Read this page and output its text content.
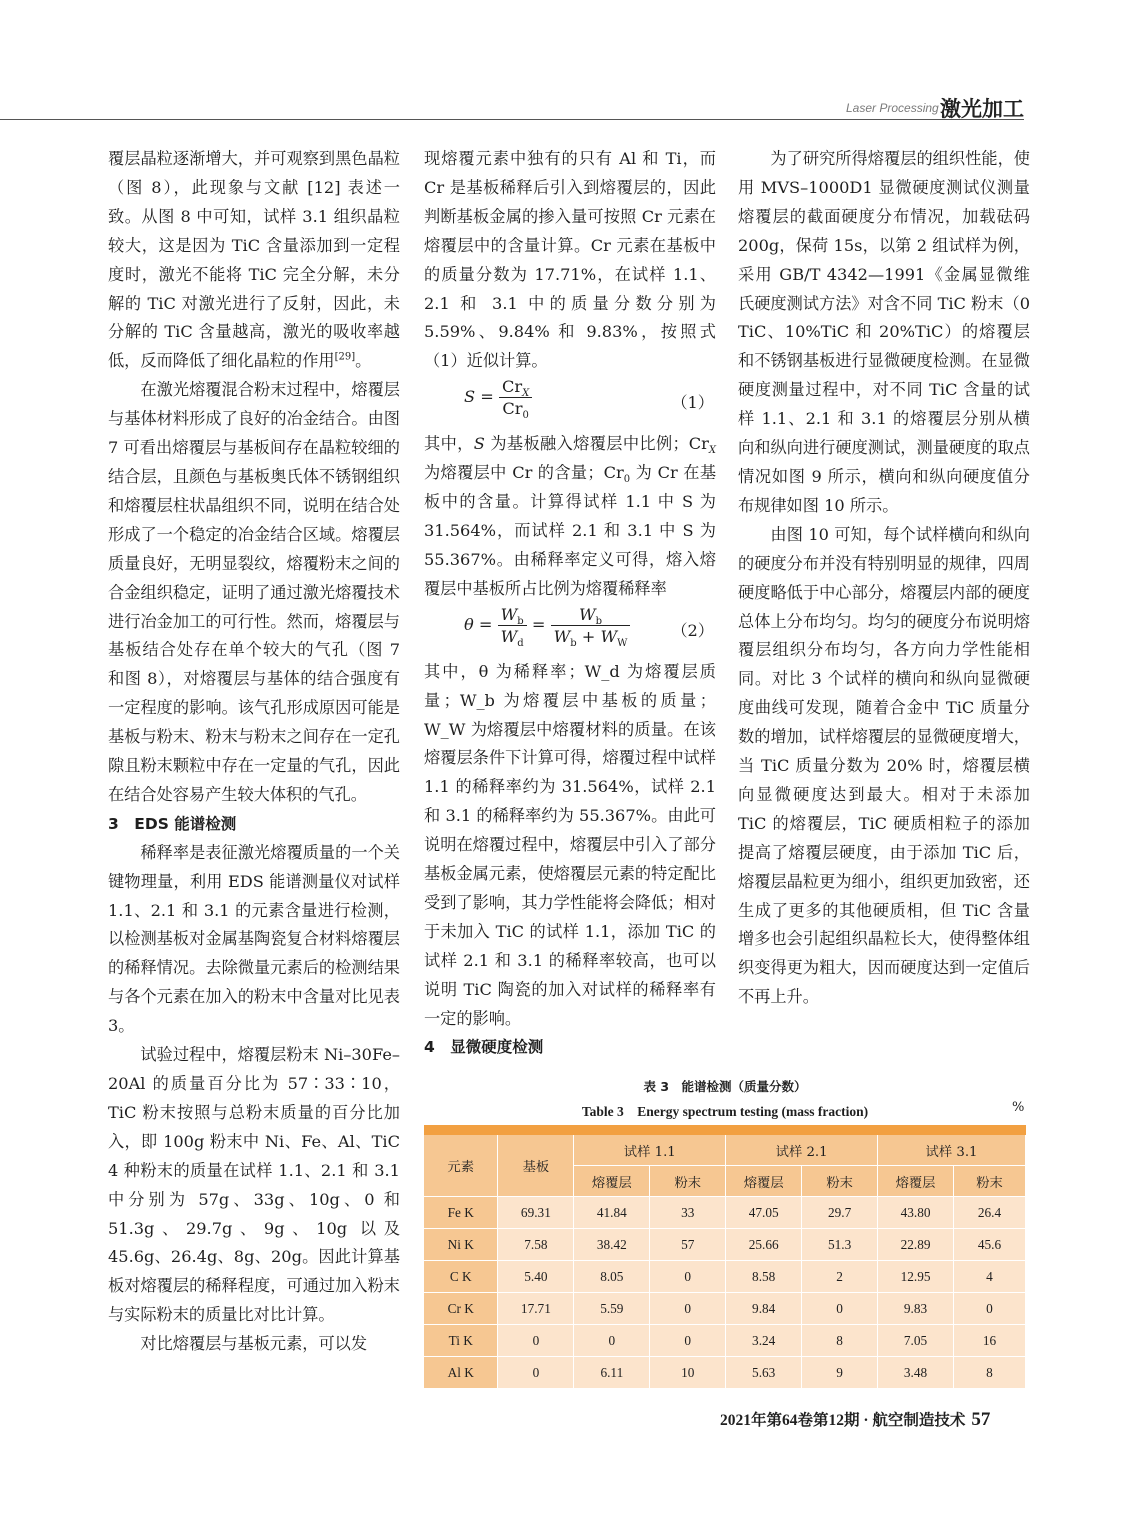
Laser Processing 激光加工

覆层晶粒逐渐增大，并可观察到黑色晶粒（图 8），此现象与文献 [12] 表述一致。从图 8 中可知，试样 3.1 组织晶粒较大，这是因为 TiC 含量添加到一定程度时，激光不能将 TiC 完全分解，未分解的 TiC 对激光进行了反射，因此，未分解的 TiC 含量越高，激光的吸收率越低，反而降低了细化晶粒的作用[29]。

在激光熔覆混合粉末过程中，熔覆层与基体材料形成了良好的冶金结合。由图 7 可看出熔覆层与基板间存在晶粒较细的结合层，且颜色与基板奥氏体不锈钢组织和熔覆层柱状晶组织不同，说明在结合处形成了一个稳定的冶金结合区域。熔覆层质量良好，无明显裂纹，熔覆粉末之间的合金组织稳定，证明了通过激光熔覆技术进行冶金加工的可行性。然而，熔覆层与基板结合处存在单个较大的气孔（图 7 和图 8），对熔覆层与基体的结合强度有一定程度的影响。该气孔形成原因可能是基板与粉末、粉末与粉末之间存在一定孔隙且粉末颗粒中存在一定量的气孔，因此在结合处容易产生较大体积的气孔。

3　EDS 能谱检测

稀释率是表征激光熔覆质量的一个关键物理量，利用 EDS 能谱测量仪对试样 1.1、2.1 和 3.1 的元素含量进行检测，以检测基板对金属基陶瓷复合材料熔覆层的稀释情况。去除微量元素后的检测结果与各个元素在加入的粉末中含量对比见表 3。

试验过程中，熔覆层粉末 Ni–30Fe–20Al 的质量百分比为 57∶33∶10，TiC 粉末按照与总粉末质量的百分比加入，即 100g 粉末中 Ni、Fe、Al、TiC 4 种粉末的质量在试样 1.1、2.1 和 3.1 中分别为 57g、33g、10g、0 和 51.3g、29.7g、9g、10g 以及 45.6g、26.4g、8g、20g。因此计算基板对熔覆层的稀释程度，可通过加入粉末与实际粉末的质量比对比计算。

对比熔覆层与基板元素，可以发

现熔覆元素中独有的只有 Al 和 Ti，而 Cr 是基板稀释后引入到熔覆层的，因此判断基板金属的掺入量可按照 Cr 元素在熔覆层中的含量计算。Cr 元素在基板中的质量分数为 17.71%，在试样 1.1、2.1 和 3.1 中的质量分数分别为 5.59%、9.84% 和 9.83%，按照式（1）近似计算。

$S = \frac{Cr_X}{Cr_0}$	（1）

其中，S 为基板融入熔覆层中比例；$Cr_X$ 为熔覆层中 Cr 的含量；$Cr_0$ 为 Cr 在基板中的含量。计算得试样 1.1 中 S 为 31.564%，而试样 2.1 和 3.1 中 S 为 55.367%。由稀释率定义可得，熔入熔覆层中基板所占比例为熔覆稀释率

$\theta = \frac{W_b}{W_d} = \frac{W_b}{W_b + W_W}$	（2）

其中，θ 为稀释率；W_d 为熔覆层质量；W_b 为熔覆层中基板的质量；W_W 为熔覆层中熔覆材料的质量。在该熔覆层条件下计算可得，熔覆过程中试样 1.1 的稀释率约为 31.564%，试样 2.1 和 3.1 的稀释率约为 55.367%。由此可说明在熔覆过程中，熔覆层中引入了部分基板金属元素，使熔覆层元素的特定配比受到了影响，其力学性能将会降低；相对于未加入 TiC 的试样 1.1，添加 TiC 的试样 2.1 和 3.1 的稀释率较高，也可以说明 TiC 陶瓷的加入对试样的稀释率有一定的影响。

4　显微硬度检测

为了研究所得熔覆层的组织性能，使用 MVS–1000D1 显微硬度测试仪测量熔覆层的截面硬度分布情况，加载砝码 200g，保荷 15s，以第 2 组试样为例，采用 GB/T 4342—1991《金属显微维氏硬度测试方法》对含不同 TiC 粉末（0 TiC、10%TiC 和 20%TiC）的熔覆层和不锈钢基板进行显微硬度检测。在显微硬度测量过程中，对不同 TiC 含量的试样 1.1、2.1 和 3.1 的熔覆层分别从横向和纵向进行硬度测试，测量硬度的取点情况如图 9 所示，横向和纵向硬度值分布规律如图 10 所示。

由图 10 可知，每个试样横向和纵向的硬度分布并没有特别明显的规律，四周硬度略低于中心部分，熔覆层内部的硬度总体上分布均匀。均匀的硬度分布说明熔覆层组织分布均匀，各方向力学性能相同。对比 3 个试样的横向和纵向显微硬度曲线可发现，随着合金中 TiC 质量分数的增加，试样熔覆层的显微硬度增大，当 TiC 质量分数为 20% 时，熔覆层横向显微硬度达到最大。相对于未添加 TiC 的熔覆层，TiC 硬质相粒子的添加提高了熔覆层硬度，由于添加 TiC 后，熔覆层晶粒更为细小，组织更加致密，还生成了更多的其他硬质相，但 TiC 含量增多也会引起组织晶粒长大，使得整体组织变得更为粗大，因而硬度达到一定值后不再上升。

表 3　能谱检测（质量分数）
Table 3　Energy spectrum testing (mass fraction)	%
元素	基板	试样 1.1		试样 2.1		试样 3.1	
		熔覆层	粉末	熔覆层	粉末	熔覆层	粉末
Fe K	69.31	41.84	33	47.05	29.7	43.80	26.4
Ni K	7.58	38.42	57	25.66	51.3	22.89	45.6
C K	5.40	8.05	0	8.58	2	12.95	4
Cr K	17.71	5.59	0	9.84	0	9.83	0
Ti K	0	0	0	3.24	8	7.05	16
Al K	0	6.11	10	5.63	9	3.48	8
2021年第64卷第12期 · 航空制造技术 57
